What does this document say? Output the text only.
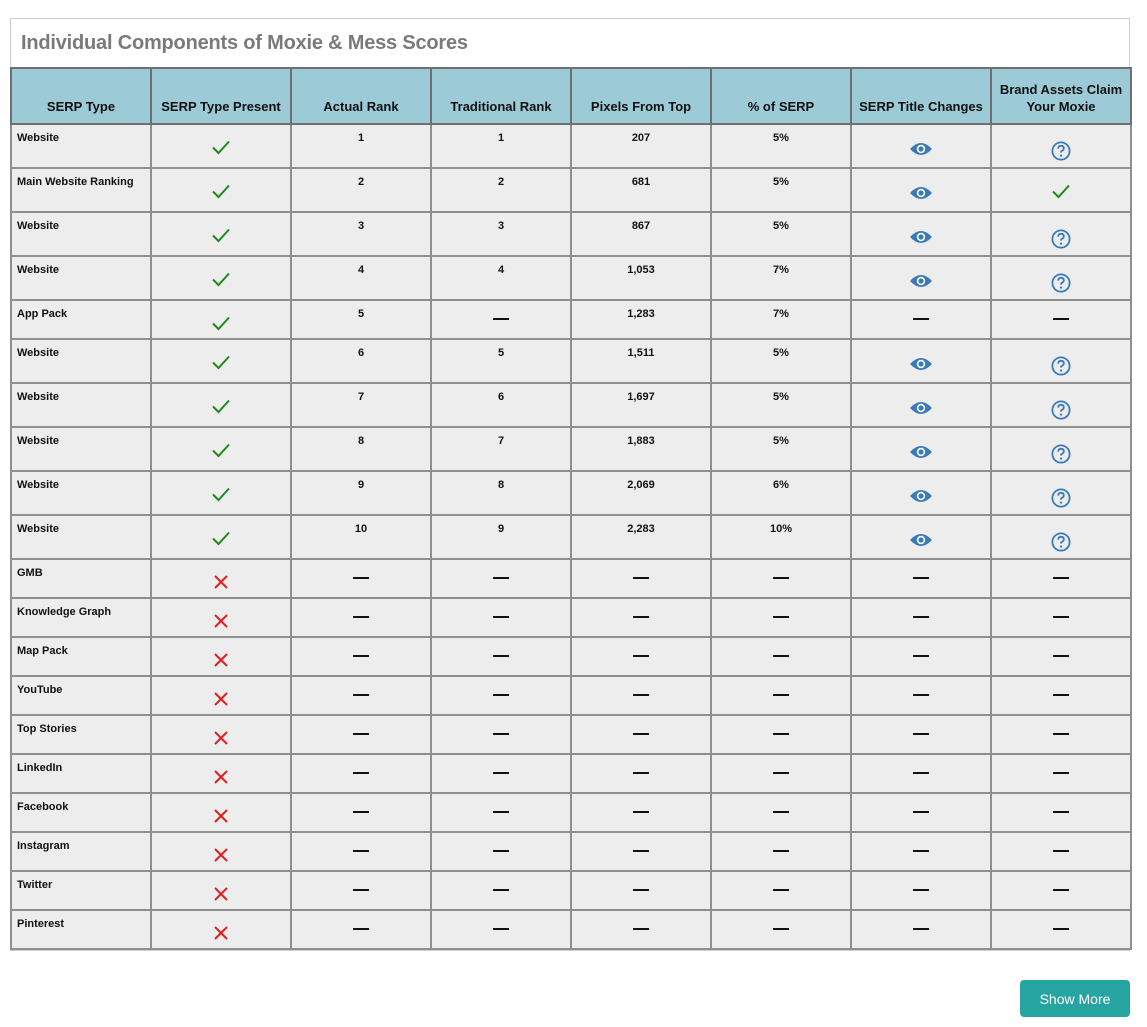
Individual Components of Moxie & Mess Scores
SERP Type	SERP Type Present	Actual Rank	Traditional Rank	Pixels From Top	% of SERP	SERP Title Changes	Brand Assets Claim Your Moxie

Website		1	1	207	5%

Main Website Ranking		2	2	681	5%

Website		3	3	867	5%

Website		4	4	1,053	7%

App Pack		5		1,283	7%		

Website		6	5	1,511	5%

Website		7	6	1,697	5%

Website		8	7	1,883	5%

Website		9	8	2,069	6%

Website		10	9	2,283	10%

GMB

Knowledge Graph

Map Pack

YouTube

Top Stories

LinkedIn

Facebook

Instagram

Twitter

Pinterest

Show More
